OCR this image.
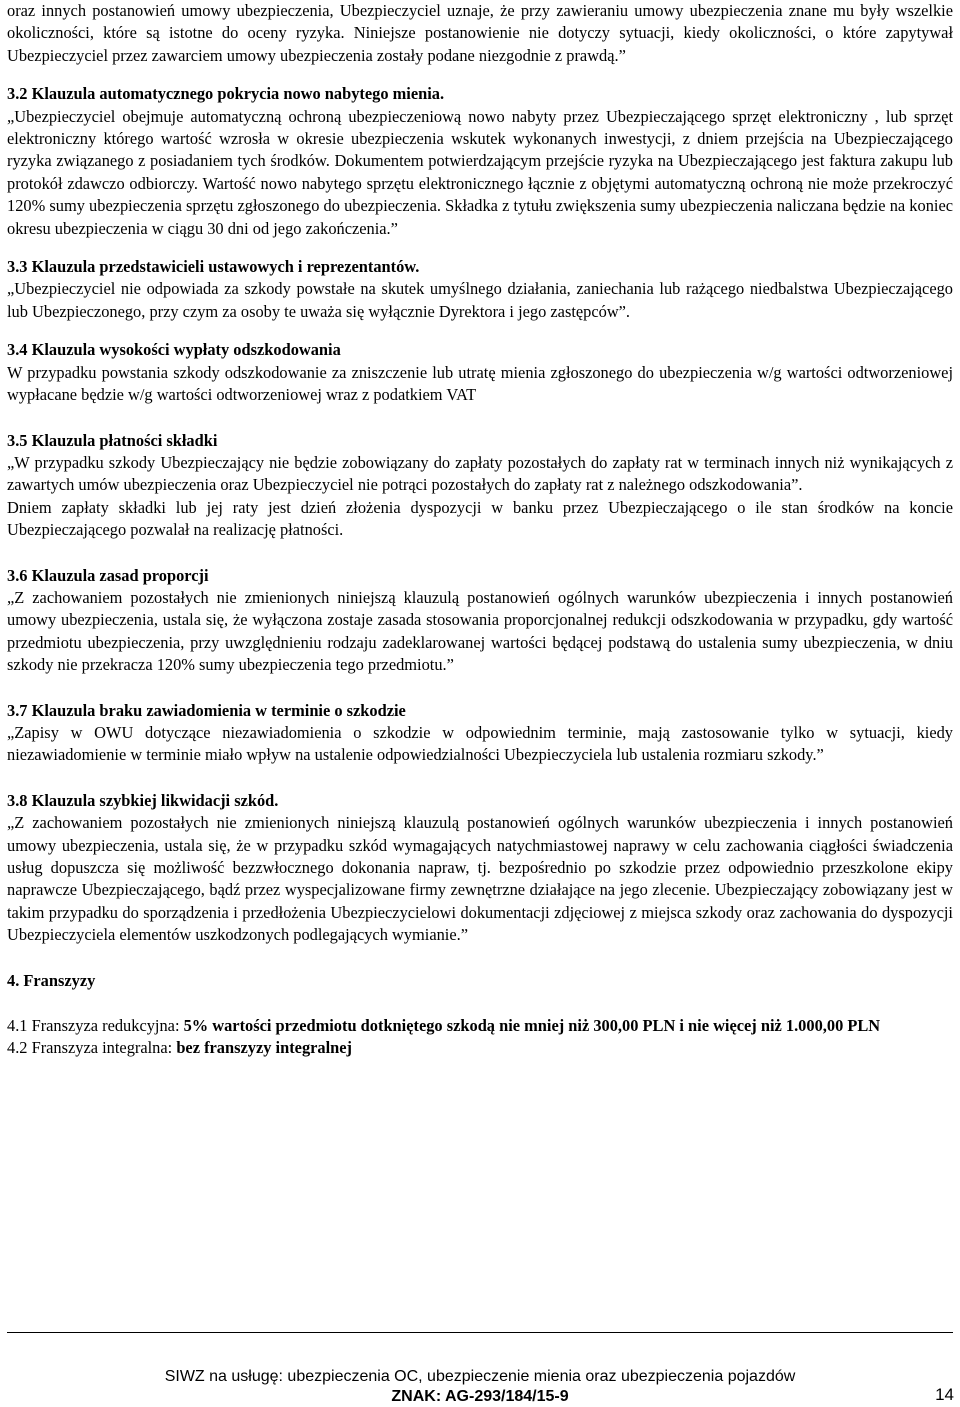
oraz innych postanowień umowy ubezpieczenia, Ubezpieczyciel uznaje, że przy zawieraniu umowy ubezpieczenia znane mu były wszelkie okoliczności, które są istotne do oceny ryzyka. Niniejsze postanowienie nie dotyczy sytuacji, kiedy okoliczności, o które zapytywał Ubezpieczyciel przez zawarciem umowy ubezpieczenia zostały podane niezgodnie z prawdą.”

3.2 Klauzula automatycznego pokrycia nowo nabytego mienia.

„Ubezpieczyciel obejmuje automatyczną ochroną ubezpieczeniową nowo nabyty przez Ubezpieczającego sprzęt elektroniczny , lub sprzęt elektroniczny którego wartość wzrosła w okresie ubezpieczenia wskutek wykonanych inwestycji, z dniem przejścia na Ubezpieczającego ryzyka związanego z posiadaniem tych środków. Dokumentem potwierdzającym przejście ryzyka na Ubezpieczającego jest faktura zakupu lub protokół zdawczo odbiorczy. Wartość nowo nabytego sprzętu elektronicznego łącznie z objętymi automatyczną ochroną nie może przekroczyć 120% sumy ubezpieczenia sprzętu zgłoszonego do ubezpieczenia. Składka z tytułu zwiększenia sumy ubezpieczenia naliczana będzie na koniec okresu ubezpieczenia w ciągu 30 dni od jego zakończenia.”

3.3 Klauzula przedstawicieli ustawowych i reprezentantów.

„Ubezpieczyciel nie odpowiada za szkody powstałe na skutek umyślnego działania, zaniechania lub rażącego niedbalstwa Ubezpieczającego lub Ubezpieczonego, przy czym za osoby te uważa się wyłącznie Dyrektora i jego zastępców”.

3.4 Klauzula wysokości wypłaty odszkodowania

W przypadku powstania szkody odszkodowanie za zniszczenie lub utratę mienia zgłoszonego do ubezpieczenia w/g wartości odtworzeniowej wypłacane będzie w/g wartości odtworzeniowej wraz z podatkiem VAT

3.5 Klauzula płatności składki

„W przypadku szkody Ubezpieczający nie będzie zobowiązany do zapłaty pozostałych do zapłaty rat w terminach innych niż wynikających z zawartych umów ubezpieczenia oraz Ubezpieczyciel nie potrąci pozostałych do zapłaty rat z należnego odszkodowania”.

Dniem zapłaty składki lub jej raty jest dzień złożenia dyspozycji w banku przez Ubezpieczającego o ile stan środków na koncie Ubezpieczającego pozwalał na realizację płatności.

3.6 Klauzula zasad proporcji

„Z zachowaniem pozostałych nie zmienionych niniejszą klauzulą postanowień ogólnych warunków ubezpieczenia i innych postanowień umowy ubezpieczenia, ustala się, że wyłączona zostaje zasada stosowania proporcjonalnej redukcji odszkodowania w przypadku, gdy wartość przedmiotu ubezpieczenia, przy uwzględnieniu rodzaju zadeklarowanej wartości będącej podstawą do ustalenia sumy ubezpieczenia, w dniu szkody nie przekracza 120% sumy ubezpieczenia tego przedmiotu.”

3.7 Klauzula braku zawiadomienia w terminie o szkodzie

„Zapisy w OWU dotyczące niezawiadomienia o szkodzie w odpowiednim terminie, mają zastosowanie tylko w sytuacji, kiedy niezawiadomienie w terminie miało wpływ na ustalenie odpowiedzialności Ubezpieczyciela lub ustalenia rozmiaru szkody.”

3.8 Klauzula szybkiej likwidacji szkód.

„Z zachowaniem pozostałych nie zmienionych niniejszą klauzulą postanowień ogólnych warunków ubezpieczenia i innych postanowień umowy ubezpieczenia, ustala się, że w przypadku szkód wymagających natychmiastowej naprawy w celu zachowania ciągłości świadczenia usług dopuszcza się możliwość bezzwłocznego dokonania napraw, tj. bezpośrednio po szkodzie przez odpowiednio przeszkolone ekipy naprawcze Ubezpieczającego, bądź przez wyspecjalizowane firmy zewnętrzne działające na jego zlecenie. Ubezpieczający zobowiązany jest w takim przypadku do sporządzenia i przedłożenia Ubezpieczycielowi dokumentacji zdjęciowej z miejsca szkody oraz zachowania do dyspozycji Ubezpieczyciela elementów uszkodzonych podlegających wymianie.”

4. Franszyzy

4.1 Franszyza redukcyjna: 5% wartości przedmiotu dotkniętego szkodą nie mniej niż 300,00 PLN i nie więcej niż 1.000,00 PLN

4.2 Franszyza integralna: bez franszyzy integralnej

SIWZ na usługę: ubezpieczenia OC, ubezpieczenie mienia oraz ubezpieczenia pojazdów
ZNAK: AG-293/184/15-9	14
